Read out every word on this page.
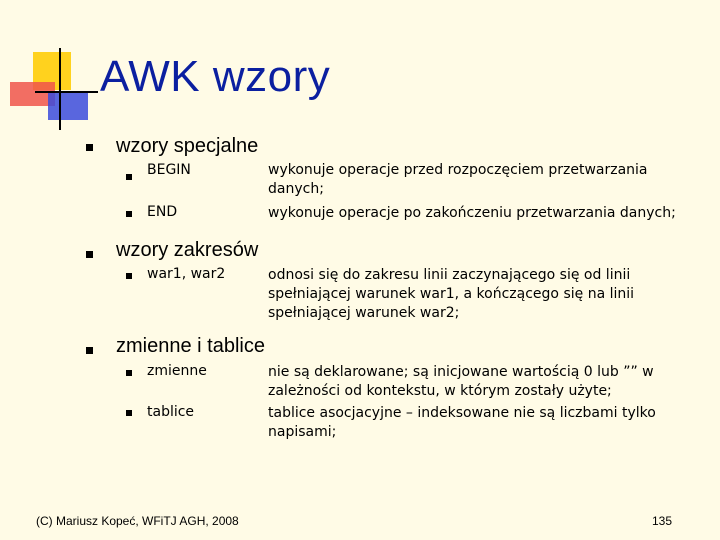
AWK wzory
wzory specjalne
BEGIN	wykonuje operacje przed rozpoczęciem przetwarzania
danych;
END	wykonuje operacje po zakończeniu przetwarzania danych;
wzory zakresów
war1, war2	odnosi się do zakresu linii zaczynającego się od linii
spełniającej warunek war1, a kończącego się na linii
spełniającej warunek war2;
zmienne i tablice
zmienne	nie są deklarowane; są inicjowane wartością 0 lub ”” w
zależności od kontekstu, w którym zostały użyte;
tablice	tablice asocjacyjne – indeksowane nie są liczbami tylko
napisami;
(C) Mariusz Kopeć, WFiTJ AGH, 2008	135
